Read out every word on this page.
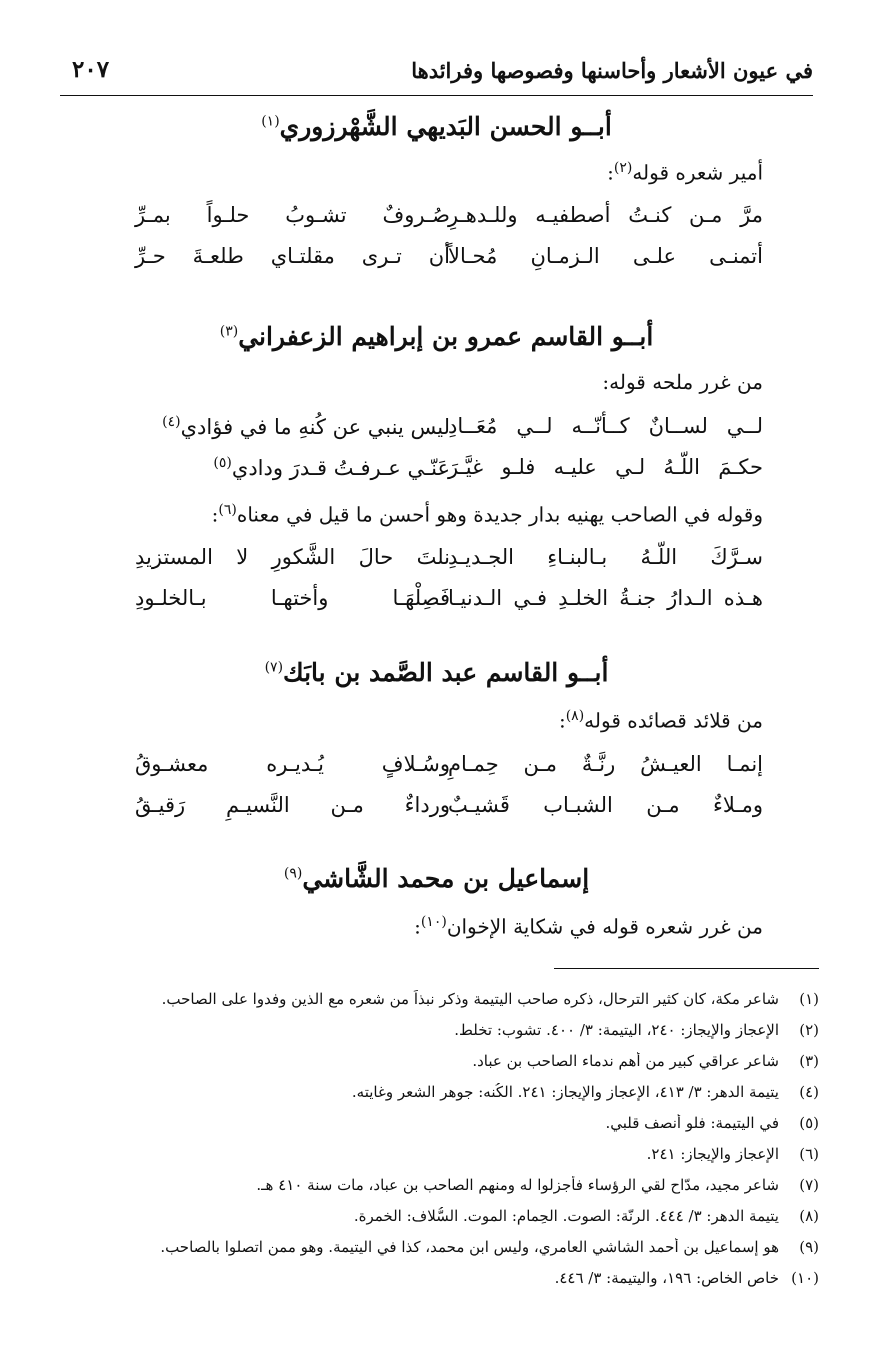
في عيون الأشعار وأحاسنها وفصوصها وفرائدها
٢٠٧
أبــو الحسن البَديهي الشَّهْرزوري$^{(١)}$
أمير شعره قوله$^{(٢)}$:
مرَّ مـن كنـتُ أصطفيـه وللـدهـرِ
صُـروفٌ تشـوبُ حلـواً بمـرِّ
أتمنـى علـى الـزمـانِ مُحـالاً
أن تـرى مقلتـاي طلعـةَ حـرِّ
أبــو القاسم عمرو بن إبراهيم الزعفراني$^{(٣)}$
من غرر ملحه قوله:
لــي لســانٌ كــأنّــه لــي مُعَــادِ
ليس ينبي عن كُنهِ ما في فؤادي$^{(٤)}$
حكـمَ اللّـهُ لـي عليـه فلـو غيَّـرَ
عَنّـي عـرفـتُ قـدرَ ودادي$^{(٥)}$
وقوله في الصاحب يهنيه بدار جديدة وهو أحسن ما قيل في معناه$^{(٦)}$:
سـرَّكَ اللّـهُ بـالبنـاءِ الجـديـدِ
نلتَ حالَ الشَّكورِ لا المستزيدِ
هـذه الـدارُ جنـةُ الخلـدِ فـي الـدنيـا
فَصِلْهَـا وأختهـا بـالخلـودِ
أبــو القاسم عبد الصَّمد بن بابَك$^{(٧)}$
من قلائد قصائده قوله$^{(٨)}$:
إنمـا العيـشُ رنَّـةٌ مـن حِمـامِ
وسُـلافٍ يُـديـره معشـوقُ
ومـلاءٌ مـن الشبـاب قَشيـبٌ
ورداءٌ مـن النَّسيـمِ رَقيـقُ
إسماعيل بن محمد الشَّاشي$^{(٩)}$
من غرر شعره قوله في شكاية الإخوان$^{(١٠)}$:
(١)شاعر مكة، كان كثير الترحال، ذكره صاحب اليتيمة وذكر نبذاً من شعره مع الذين وفدوا على الصاحب.
(٢)الإعجاز والإيجاز: ٢٤٠، اليتيمة: ٣/ ٤٠٠. تشوب: تخلط.
(٣)شاعر عراقي كبير من أهم ندماء الصاحب بن عباد.
(٤)يتيمة الدهر: ٣/ ٤١٣، الإعجاز والإيجاز: ٢٤١. الكُنه: جوهر الشعر وغايته.
(٥)في اليتيمة: فلو أنصف قلبي.
(٦)الإعجاز والإيجاز: ٢٤١.
(٧)شاعر مجيد، مدّاح لقي الرؤساء فأجزلوا له ومنهم الصاحب بن عباد، مات سنة ٤١٠ هـ.
(٨)يتيمة الدهر: ٣/ ٤٤٤. الرنّة: الصوت. الحِمام: الموت. السُّلاف: الخمرة.
(٩)هو إسماعيل بن أحمد الشاشي العامري، وليس ابن محمد، كذا في اليتيمة. وهو ممن اتصلوا بالصاحب.
(١٠)خاص الخاص: ١٩٦، واليتيمة: ٣/ ٤٤٦.
